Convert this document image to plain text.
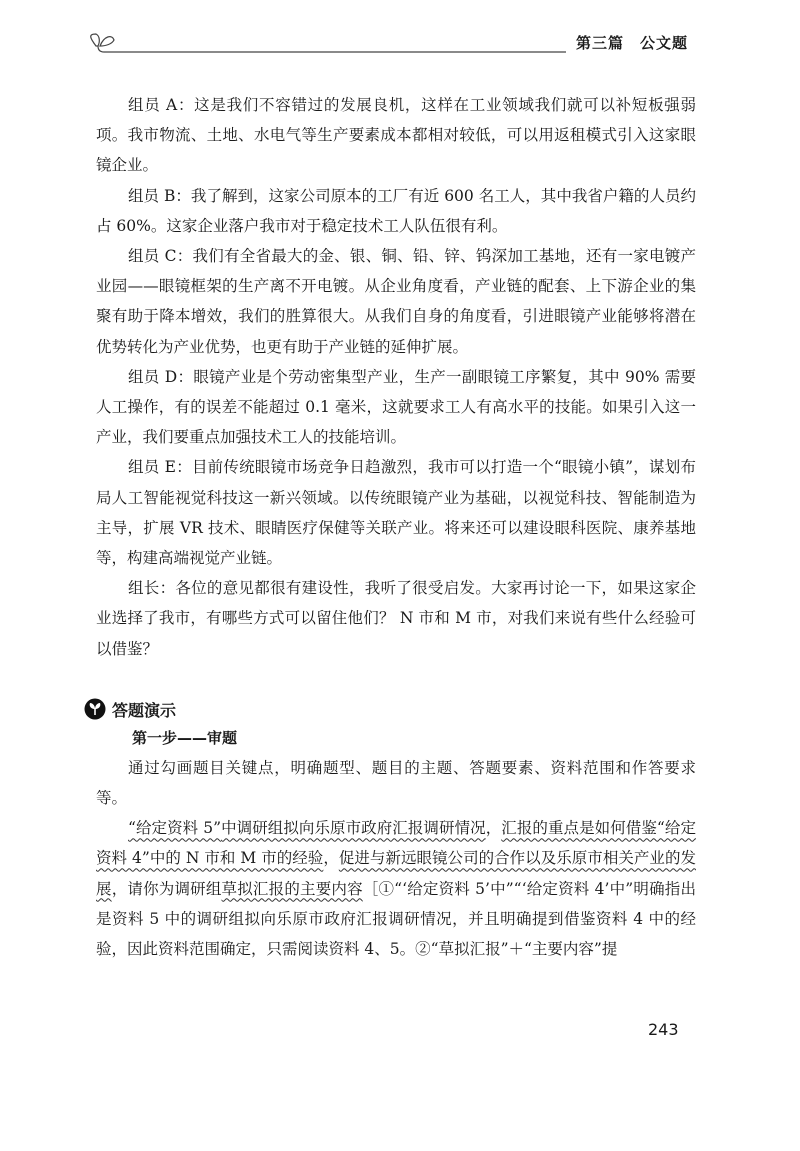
第三篇　公文题

组员 A：这是我们不容错过的发展良机，这样在工业领域我们就可以补短板强弱项。我市物流、土地、水电气等生产要素成本都相对较低，可以用返租模式引入这家眼镜企业。

组员 B：我了解到，这家公司原本的工厂有近 600 名工人，其中我省户籍的人员约占 60%。这家企业落户我市对于稳定技术工人队伍很有利。

组员 C：我们有全省最大的金、银、铜、铅、锌、钨深加工基地，还有一家电镀产业园——眼镜框架的生产离不开电镀。从企业角度看，产业链的配套、上下游企业的集聚有助于降本增效，我们的胜算很大。从我们自身的角度看，引进眼镜产业能够将潜在优势转化为产业优势，也更有助于产业链的延伸扩展。

组员 D：眼镜产业是个劳动密集型产业，生产一副眼镜工序繁复，其中 90% 需要人工操作，有的误差不能超过 0.1 毫米，这就要求工人有高水平的技能。如果引入这一产业，我们要重点加强技术工人的技能培训。

组员 E：目前传统眼镜市场竞争日趋激烈，我市可以打造一个“眼镜小镇”，谋划布局人工智能视觉科技这一新兴领域。以传统眼镜产业为基础，以视觉科技、智能制造为主导，扩展 VR 技术、眼睛医疗保健等关联产业。将来还可以建设眼科医院、康养基地等，构建高端视觉产业链。

组长：各位的意见都很有建设性，我听了很受启发。大家再讨论一下，如果这家企业选择了我市，有哪些方式可以留住他们？ N 市和 M 市，对我们来说有些什么经验可以借鉴？

答题演示
第一步——审题

通过勾画题目关键点，明确题型、题目的主题、答题要素、资料范围和作答要求等。

“给定资料 5”中调研组拟向乐原市政府汇报调研情况，汇报的重点是如何借鉴“给定资料 4”中的 N 市和 M 市的经验，促进与新远眼镜公司的合作以及乐原市相关产业的发展，请你为调研组草拟汇报的主要内容［①“‘给定资料 5’中”“‘给定资料 4’中”明确指出是资料 5 中的调研组拟向乐原市政府汇报调研情况，并且明确提到借鉴资料 4 中的经验，因此资料范围确定，只需阅读资料 4、5。②“草拟汇报”＋“主要内容”提

243
